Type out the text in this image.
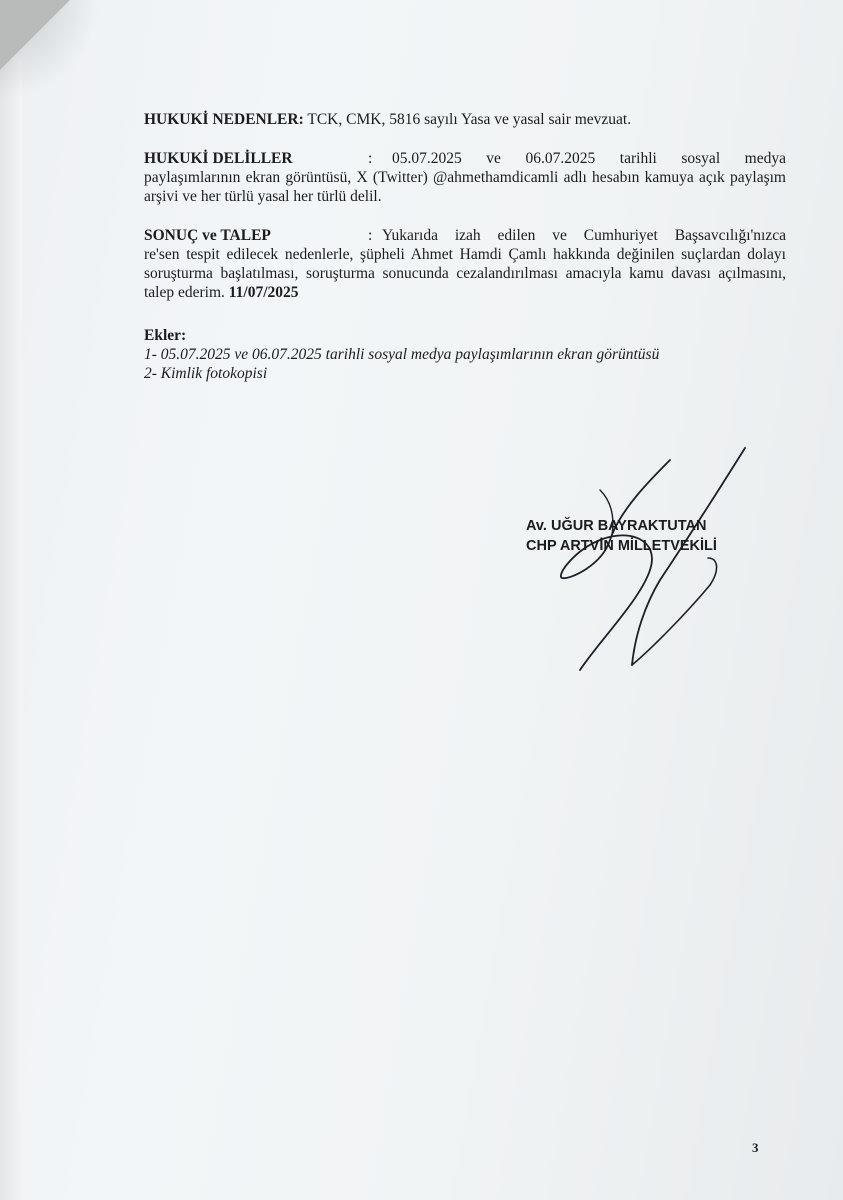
HUKUKİ NEDENLER: TCK, CMK, 5816 sayılı Yasa ve yasal sair mevzuat.

HUKUKİ DELİLLER	:	05.07.2025 ve 06.07.2025 tarihli sosyal medya

paylaşımlarının ekran görüntüsü, X (Twitter) @ahmethamdicamli adlı hesabın kamuya açık paylaşım arşivi ve her türlü yasal her türlü delil.

SONUÇ ve TALEP	: Yukarıda izah edilen ve Cumhuriyet Başsavcılığı'nızca

re'sen tespit edilecek nedenlerle, şüpheli Ahmet Hamdi Çamlı hakkında değinilen suçlardan dolayı soruşturma başlatılması, soruşturma sonucunda cezalandırılması amacıyla kamu davası açılmasını, talep ederim. 11/07/2025

Ekler:
1- 05.07.2025 ve 06.07.2025 tarihli sosyal medya paylaşımlarının ekran görüntüsü
2- Kimlik fotokopisi
Av. UĞUR BAYRAKTUTAN
CHP ARTVİN MİLLETVEKİLİ
3
